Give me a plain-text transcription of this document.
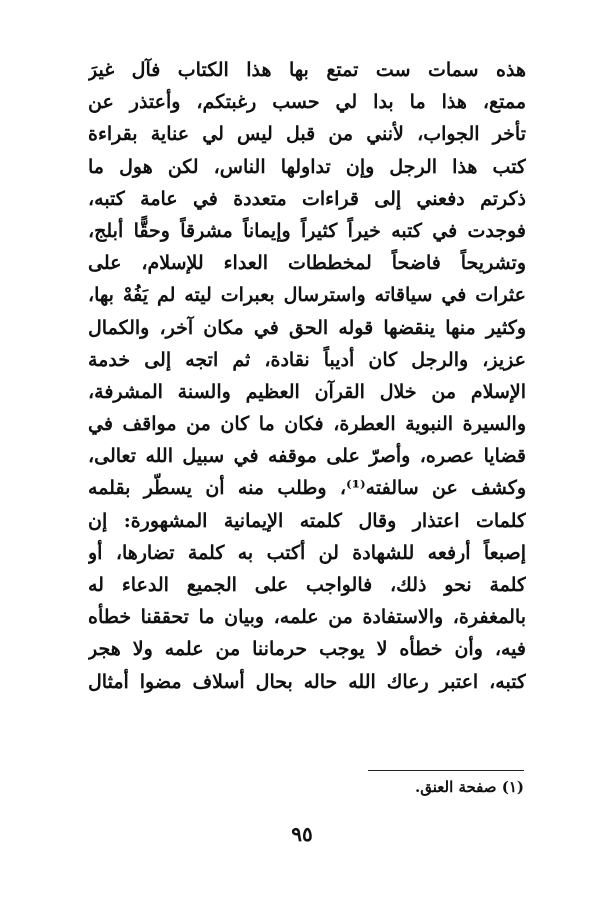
هذه سمات ست تمتع بها هذا الكتاب فآل غيرَ
ممتع، هذا ما بدا لي حسب رغبتكم، وأعتذر عن
تأخر الجواب، لأنني من قبل ليس لي عناية بقراءة
كتب هذا الرجل وإن تداولها الناس، لكن هول ما
ذكرتم دفعني إلى قراءات متعددة في عامة كتبه،
فوجدت في كتبه خيراً كثيراً وإيماناً مشرقاً وحقًّا أبلج،
وتشريحاً فاضحاً لمخططات العداء للإسلام، على
عثرات في سياقاته واسترسال بعبرات ليته لم يَفُهْ بها،
وكثير منها ينقضها قوله الحق في مكان آخر، والكمال
عزيز، والرجل كان أديباً نقادة، ثم اتجه إلى خدمة
الإسلام من خلال القرآن العظيم والسنة المشرفة،
والسيرة النبوية العطرة، فكان ما كان من مواقف في
قضايا عصره، وأصرّ على موقفه في سبيل الله تعالى،
وكشف عن سالفته⁽¹⁾، وطلب منه أن يسطّر بقلمه
كلمات اعتذار وقال كلمته الإيمانية المشهورة: إن
إصبعاً أرفعه للشهادة لن أكتب به كلمة تضارها، أو
كلمة نحو ذلك، فالواجب على الجميع الدعاء له
بالمغفرة، والاستفادة من علمه، وبيان ما تحققنا خطأه
فيه، وأن خطأه لا يوجب حرماننا من علمه ولا هجر
كتبه، اعتبر رعاك الله حاله بحال أسلاف مضوا أمثال
(١) صفحة العنق.
٩٥
